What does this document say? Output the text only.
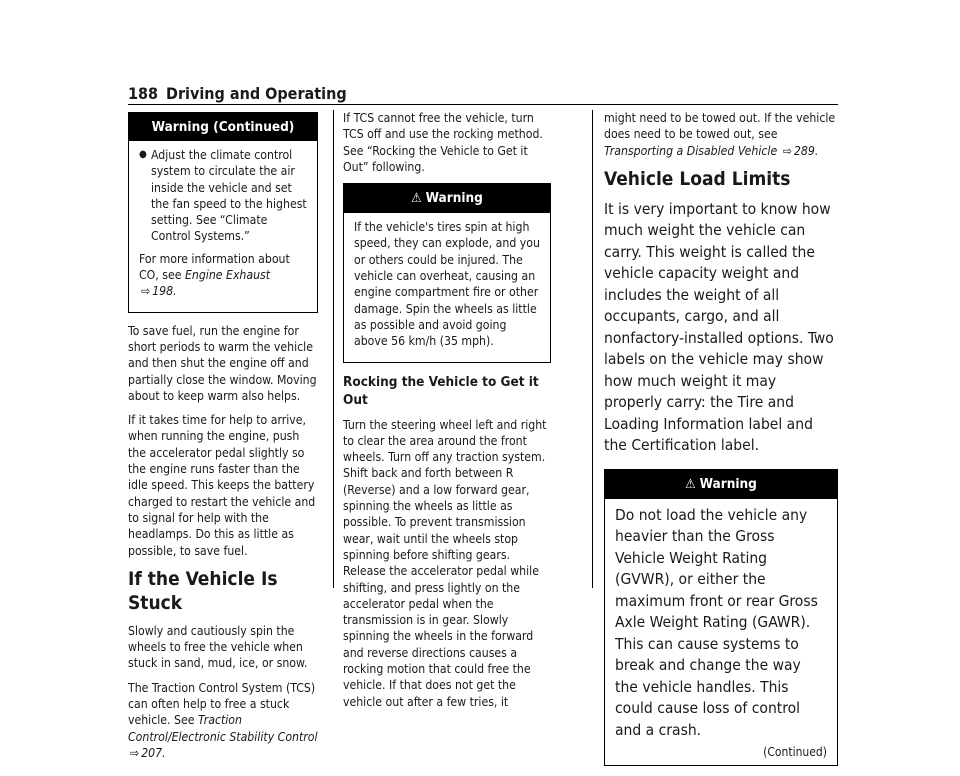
188 Driving and Operating
Warning (Continued)
● Adjust the climate control system to circulate the air inside the vehicle and set the fan speed to the highest setting. See “Climate Control Systems.”

For more information about CO, see Engine Exhaust ⇨ 198.

To save fuel, run the engine for short periods to warm the vehicle and then shut the engine off and partially close the window. Moving about to keep warm also helps.

If it takes time for help to arrive, when running the engine, push the accelerator pedal slightly so the engine runs faster than the idle speed. This keeps the battery charged to restart the vehicle and to signal for help with the headlamps. Do this as little as possible, to save fuel.

If the Vehicle Is Stuck

Slowly and cautiously spin the wheels to free the vehicle when stuck in sand, mud, ice, or snow.

The Traction Control System (TCS) can often help to free a stuck vehicle. See Traction Control/Electronic Stability Control ⇨ 207.

If TCS cannot free the vehicle, turn TCS off and use the rocking method. See “Rocking the Vehicle to Get it Out” following.

⚠ Warning

If the vehicle's tires spin at high speed, they can explode, and you or others could be injured. The vehicle can overheat, causing an engine compartment fire or other damage. Spin the wheels as little as possible and avoid going above 56 km/h (35 mph).

Rocking the Vehicle to Get it Out

Turn the steering wheel left and right to clear the area around the front wheels. Turn off any traction system. Shift back and forth between R (Reverse) and a low forward gear, spinning the wheels as little as possible. To prevent transmission wear, wait until the wheels stop spinning before shifting gears. Release the accelerator pedal while shifting, and press lightly on the accelerator pedal when the transmission is in gear. Slowly spinning the wheels in the forward and reverse directions causes a rocking motion that could free the vehicle. If that does not get the vehicle out after a few tries, it

might need to be towed out. If the vehicle does need to be towed out, see Transporting a Disabled Vehicle ⇨ 289.

Vehicle Load Limits

It is very important to know how much weight the vehicle can carry. This weight is called the vehicle capacity weight and includes the weight of all occupants, cargo, and all nonfactory-installed options. Two labels on the vehicle may show how much weight it may properly carry: the Tire and Loading Information label and the Certification label.

⚠ Warning

Do not load the vehicle any heavier than the Gross Vehicle Weight Rating (GVWR), or either the maximum front or rear Gross Axle Weight Rating (GAWR). This can cause systems to break and change the way the vehicle handles. This could cause loss of control and a crash.

(Continued)
